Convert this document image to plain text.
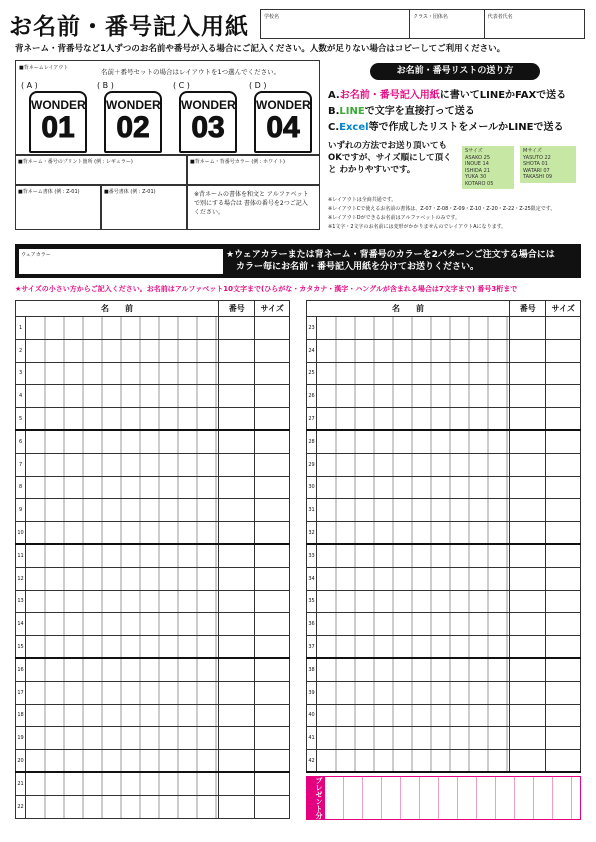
お名前・番号記入用紙	学校名	クラス・団体名	代表者氏名
背ネーム・背番号など1人ずつのお名前や番号が入る場合にご記入ください。人数が足りない場合はコピーしてご利用ください。
■背ネームレイアウト	名前＋番号セットの場合はレイアウトを1つ選んでください。
( A )
WONDER
01
( B )
WONDER
02
( C )
WONDER
03
( D )
WONDER
04
■背ネーム・番号のプリント箇所 (例 : レギュラー)	■背ネーム・背番号カラー (例 : ホワイト)
■背ネーム書体 (例 : Z-01)	■番号書体 (例 : Z-01)	※背ネームの書体を和文と アルファベットで別にする場合は 書体の番号を2つご記入ください。
お名前・番号リストの送り方
A.お名前・番号記入用紙に書いてLINEかFAXで送る
B.LINEで文字を直接打って送る
C.Excel等で作成したリストをメールかLINEで送る
いずれの方法でお送り頂いても OKですが、サイズ順にして頂くと わかりやすいです。
Sサイズ
ASAKO 25
INOUE 14
ISHIDA 21
YUKA 30
KOTARO 05
Mサイズ
YASUTO 22
SHOTA 01
WATARI 07
TAKASHI 09
※レイアウトは全商共通です。
※レイアウトCで使えるお名前の書体は、Z-07・Z-08・Z-09・Z-10・Z-20・Z-22・Z-25限定です。
※レイアウトDができるお名前はアルファベットのみです。
※1文字・2文字のお名前には変形がかかりませんのでレイアウトAになります。
ウェアカラー	★ウェアカラーまたは背ネーム・背番号のカラーを2パターンご注文する場合には
カラー毎にお名前・番号記入用紙を分けてお送りください。
★サイズの小さい方からご記入ください。お名前はアルファベット10文字まで(ひらがな・カタカナ・漢字・ハングルが含まれる場合は7文字まで) 番号3桁まで
名　　前		番号	サイズ
1			
2			
3			
4			
5			
6			
7			
8			
9			
10			
11			
12			
13			
14			
15			
16			
17			
18			
19			
20			
21			
22			
名　　前		番号	サイズ
23			
24			
25			
26			
27			
28			
29			
30			
31			
32			
33			
34			
35			
36			
37			
38			
39			
40			
41			
42			
プレゼント分
